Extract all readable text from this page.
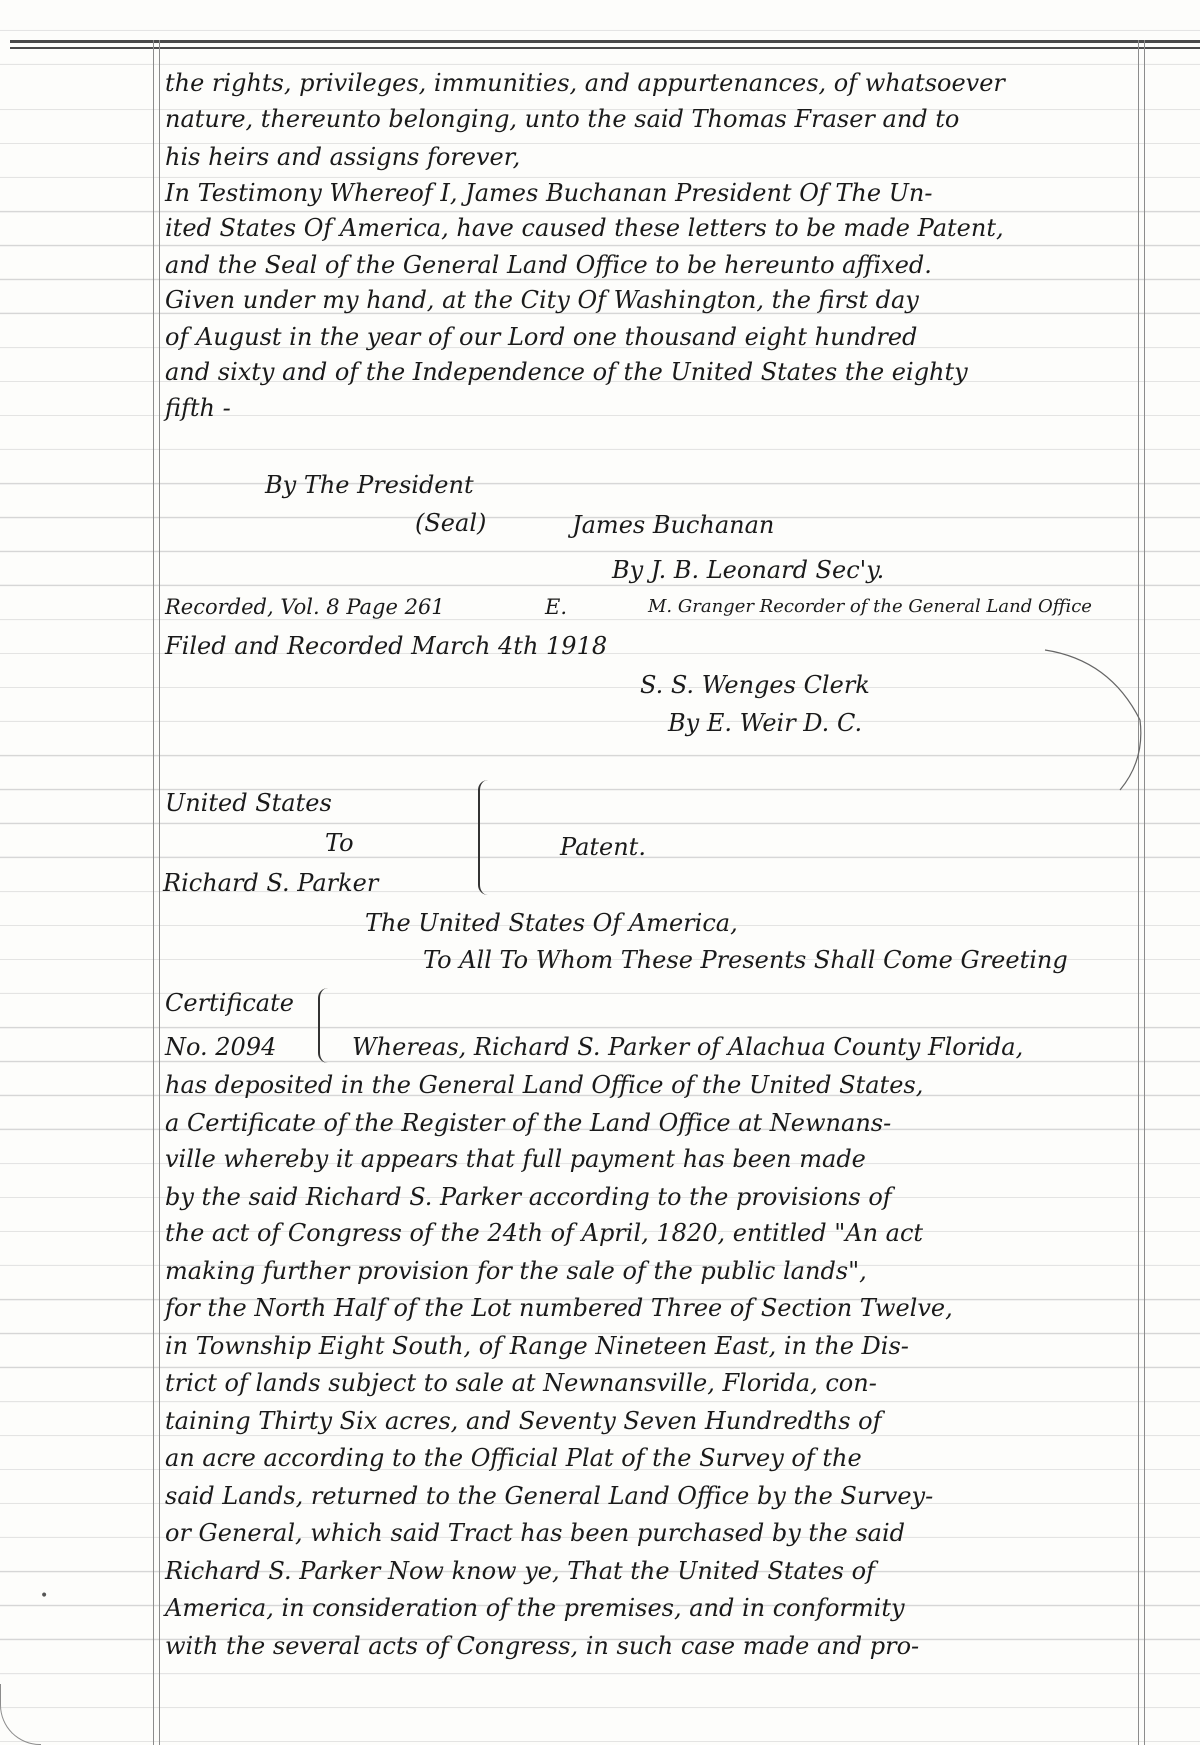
the rights, privileges, immunities, and appurtenances, of whatsoever
nature, thereunto belonging, unto the said Thomas Fraser and to
his heirs and assigns forever,
In Testimony Whereof I, James Buchanan President Of The Un-
ited States Of America, have caused these letters to be made Patent,
and the Seal of the General Land Office to be hereunto affixed.
Given under my hand, at the City Of Washington, the first day
of August in the year of our Lord one thousand eight hundred
and sixty and of the Independence of the United States the eighty
fifth -
By The President
(Seal)	James Buchanan
By J. B. Leonard Sec'y.
Recorded, Vol. 8 Page 261	E.	M. Granger Recorder of the General Land Office
Filed and Recorded March 4th 1918
S. S. Wenges Clerk
By E. Weir D. C.
United States
To
Richard S. Parker
Patent.
The United States Of America,
To All To Whom These Presents Shall Come Greeting
Certificate
No. 2094	Whereas, Richard S. Parker of Alachua County Florida,
has deposited in the General Land Office of the United States,
a Certificate of the Register of the Land Office at Newnans-
ville whereby it appears that full payment has been made
by the said Richard S. Parker according to the provisions of
the act of Congress of the 24th of April, 1820, entitled "An act
making further provision for the sale of the public lands",
for the North Half of the Lot numbered Three of Section Twelve,
in Township Eight South, of Range Nineteen East, in the Dis-
trict of lands subject to sale at Newnansville, Florida, con-
taining Thirty Six acres, and Seventy Seven Hundredths of
an acre according to the Official Plat of the Survey of the
said Lands, returned to the General Land Office by the Survey-
or General, which said Tract has been purchased by the said
Richard S. Parker Now know ye, That the United States of
America, in consideration of the premises, and in conformity
with the several acts of Congress, in such case made and pro-
•
